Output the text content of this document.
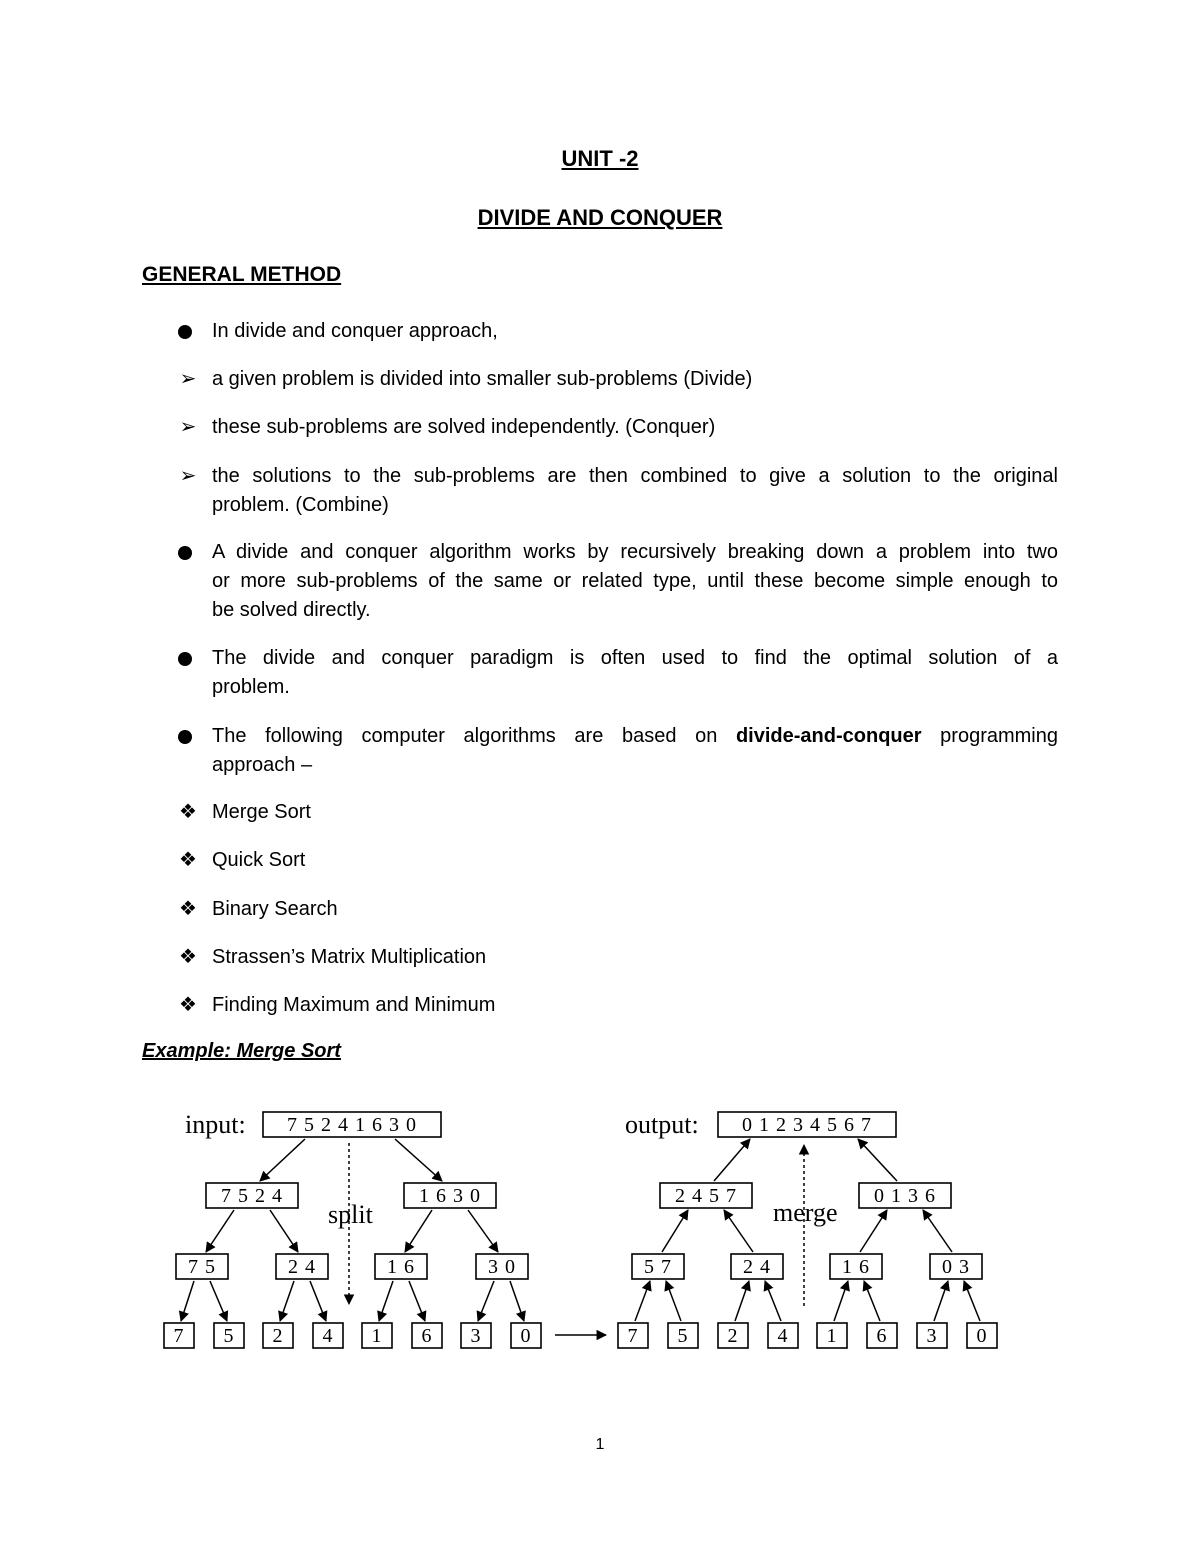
UNIT -2
DIVIDE AND CONQUER
GENERAL METHOD
In divide and conquer approach,
➢ a given problem is divided into smaller sub-problems (Divide)
➢ these sub-problems are solved independently. (Conquer)
➢ the solutions to the sub-problems are then combined to give a solution to the original
problem. (Combine)
A divide and conquer algorithm works by recursively breaking down a problem into two
or more sub-problems of the same or related type, until these become simple enough to
be solved directly.
The divide and conquer paradigm is often used to find the optimal solution of a
problem.
The following computer algorithms are based on divide-and-conquer programming
approach –
❖ Merge Sort
❖ Quick Sort
❖ Binary Search
❖ Strassen’s Matrix Multiplication
❖ Finding Maximum and Minimum
Example: Merge Sort
input:	output:
split	merge
7 5 2 4 1 6 3 0
7 5 2 4	1 6 3 0
7 5	2 4	1 6	3 0
7 5 2 4 1 6 3 0
0 1 2 3 4 5 6 7
2 4 5 7	0 1 3 6
5 7	2 4	1 6	0 3
7 5 2 4 1 6 3 0
1
